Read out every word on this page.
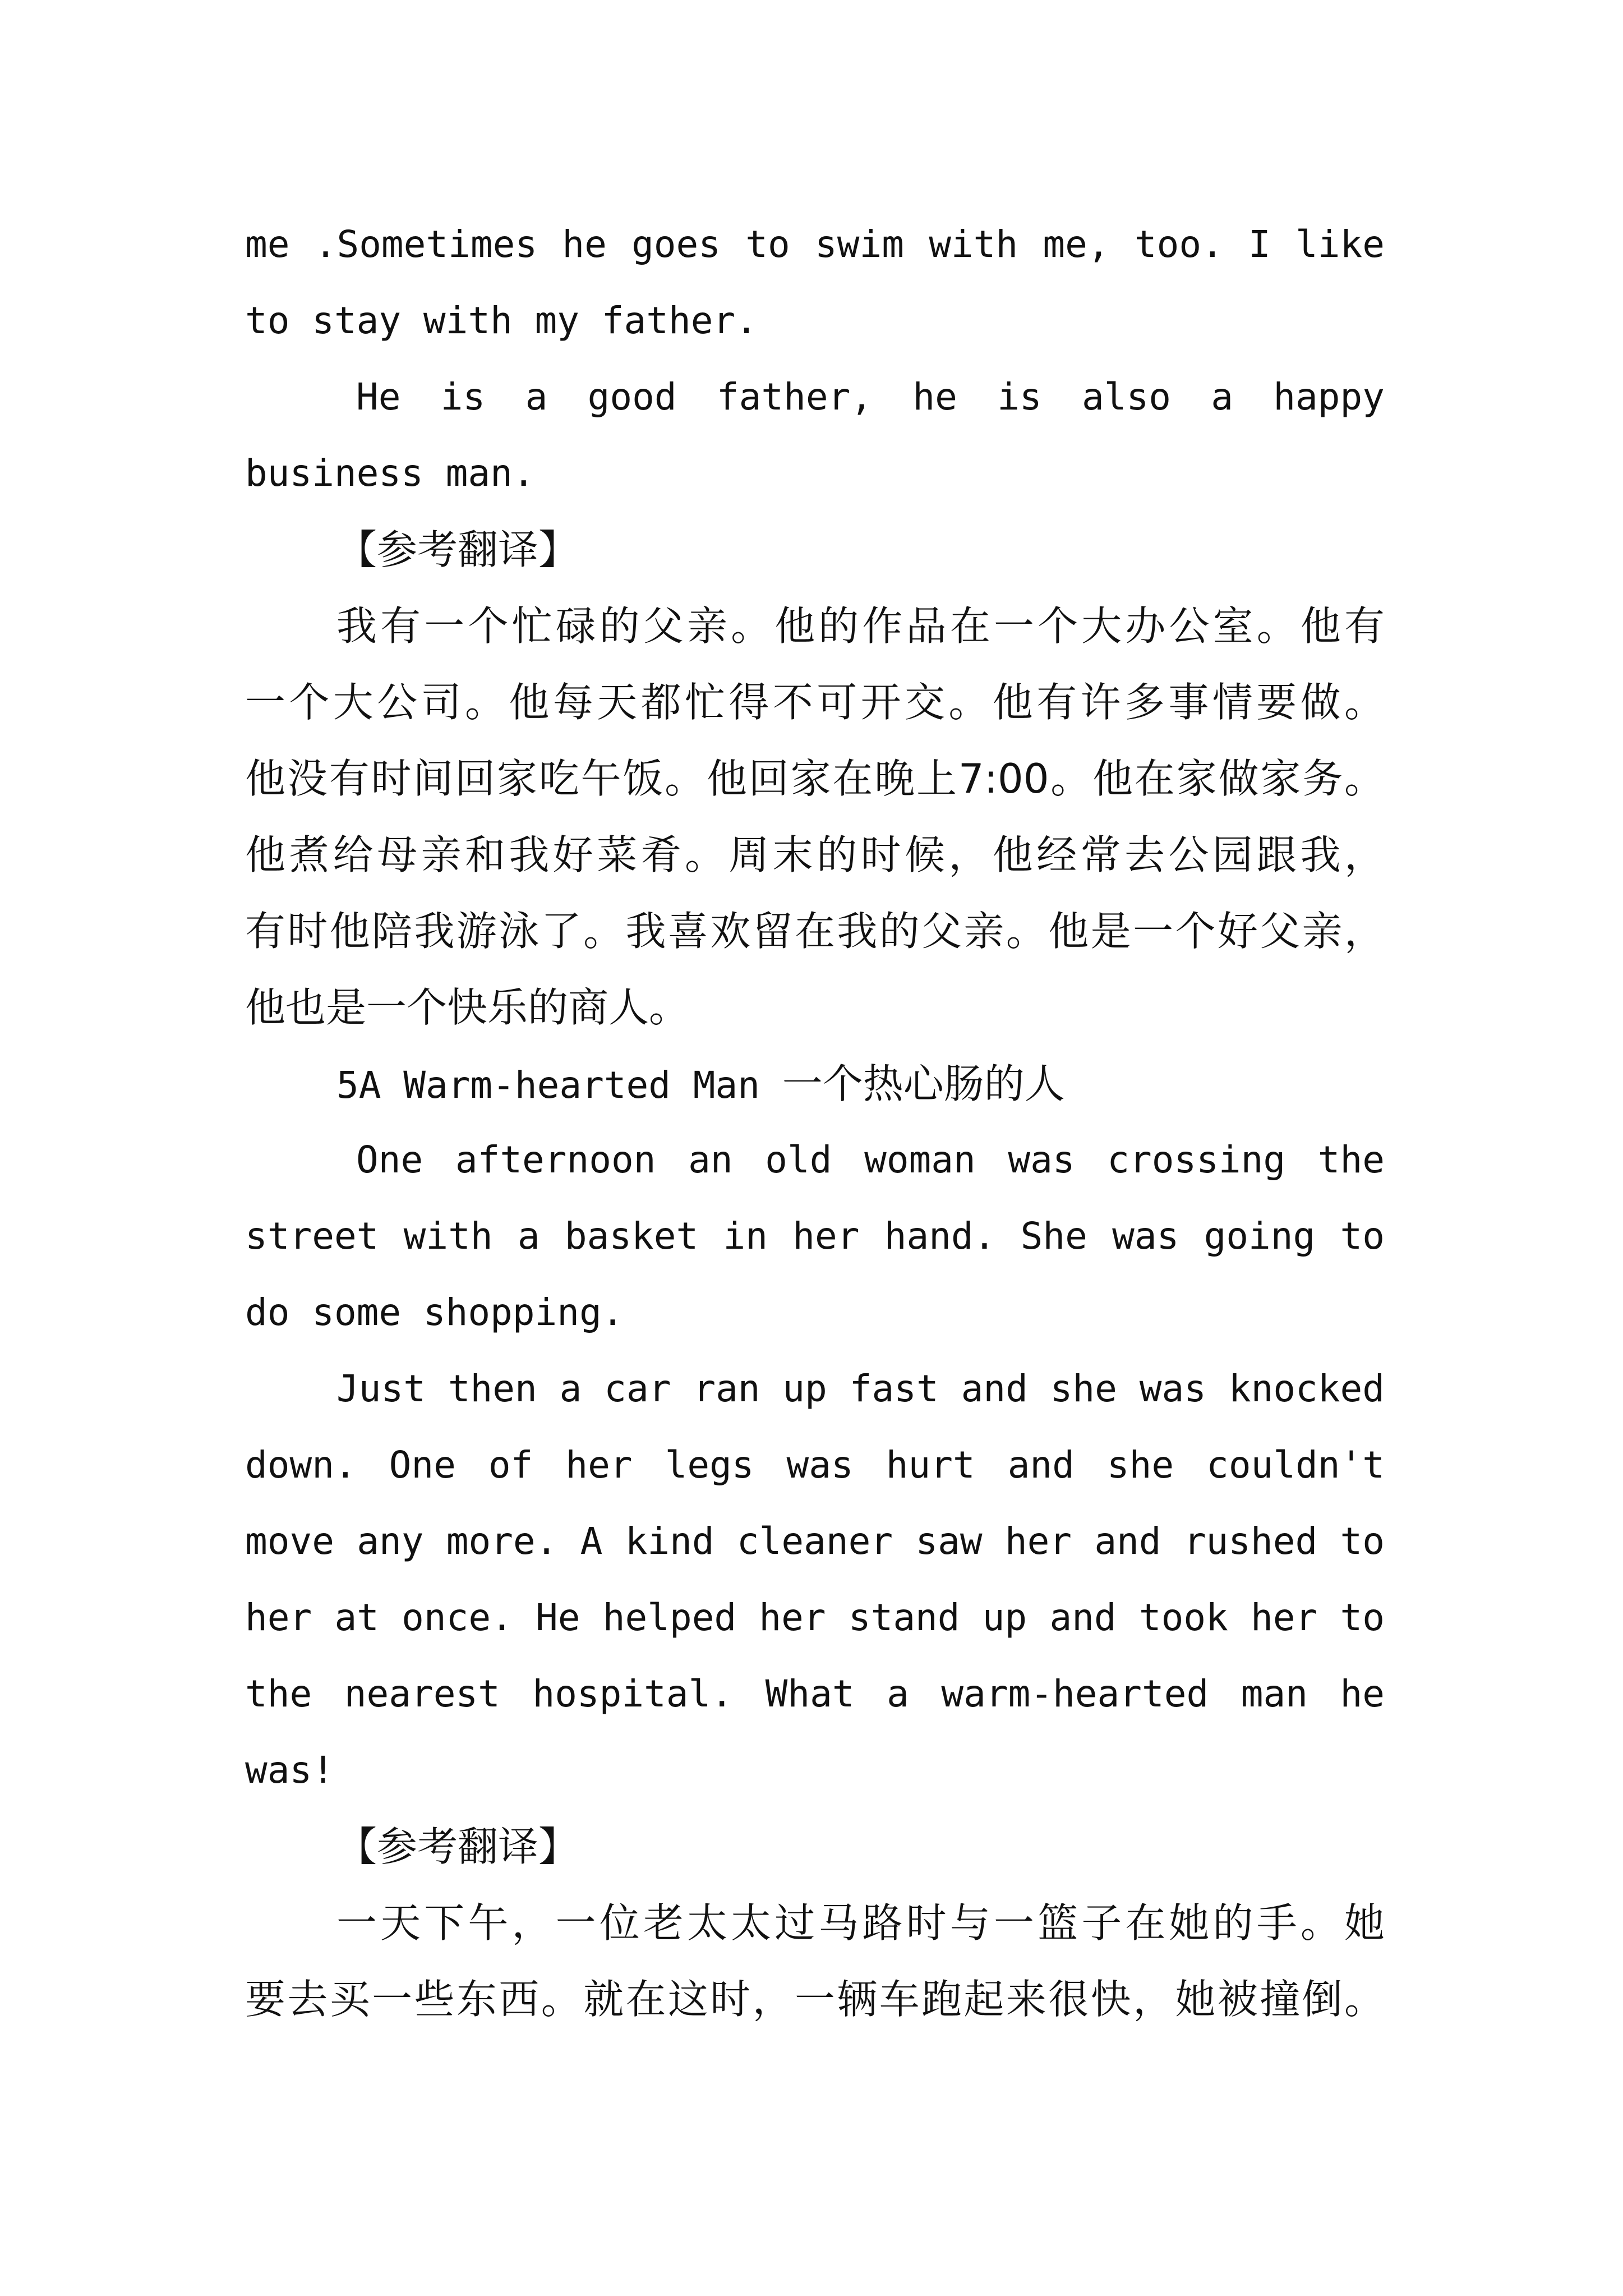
me .Sometimes he goes to swim with me, too. I like
to stay with my father.
He is a good father, he is also a happy
business man.
【参考翻译】
我有一个忙碌的父亲。他的作品在一个大办公室。他有
一个大公司。他每天都忙得不可开交。他有许多事情要做。
他没有时间回家吃午饭。他回家在晚上7:00。他在家做家务。
他煮给母亲和我好菜肴。周末的时候，他经常去公园跟我，
有时他陪我游泳了。我喜欢留在我的父亲。他是一个好父亲，
他也是一个快乐的商人。
5A Warm-hearted Man 一个热心肠的人
One afternoon an old woman was crossing the
street with a basket in her hand. She was going to
do some shopping.
Just then a car ran up fast and she was knocked
down. One of her legs was hurt and she couldn't
move any more. A kind cleaner saw her and rushed to
her at once. He helped her stand up and took her to
the nearest hospital. What a warm-hearted man he
was!
【参考翻译】
一天下午，一位老太太过马路时与一篮子在她的手。她
要去买一些东西。就在这时，一辆车跑起来很快，她被撞倒。
